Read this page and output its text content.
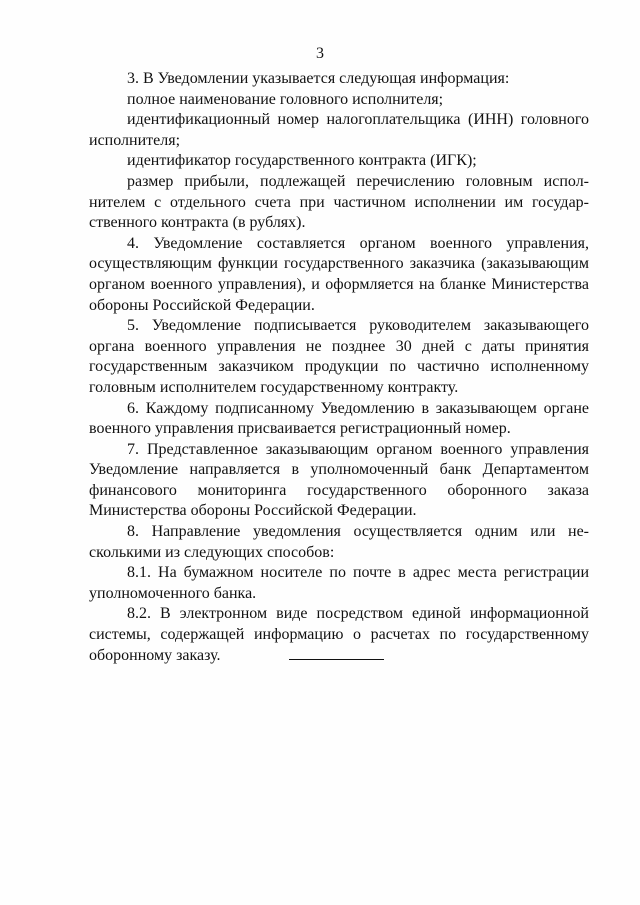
3

3. В Уведомлении указывается следующая информация:

полное наименование головного исполнителя;

идентификационный номер налогоплательщика (ИНН) головного исполнителя;

идентификатор государственного контракта (ИГК);

размер прибыли, подлежащей перечислению головным исполнителем с отдельного счета при частичном исполнении им государственного контракта (в рублях).

4. Уведомление составляется органом военного управления, осуществляющим функции государственного заказчика (заказывающим органом военного управления), и оформляется на бланке Министерства обороны Российской Федерации.

5. Уведомление подписывается руководителем заказывающего органа военного управления не позднее 30 дней с даты принятия государственным заказчиком продукции по частично исполненному головным исполнителем государственному контракту.

6. Каждому подписанному Уведомлению в заказывающем органе военного управления присваивается регистрационный номер.

7. Представленное заказывающим органом военного управления Уведомление направляется в уполномоченный банк Департаментом финансового мониторинга государственного оборонного заказа Министерства обороны Российской Федерации.

8. Направление уведомления осуществляется одним или несколькими из следующих способов:

8.1. На бумажном носителе по почте в адрес места регистрации уполномоченного банка.

8.2. В электронном виде посредством единой информационной системы, содержащей информацию о расчетах по государственному оборонному заказу.
